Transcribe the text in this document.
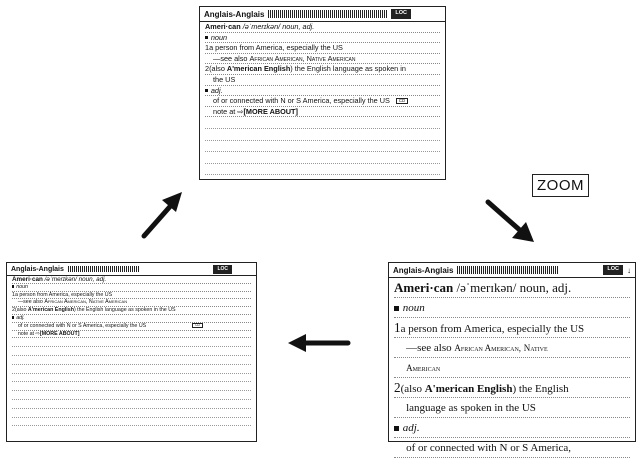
Anglais-Anglais	LOC
Ameri·can /əˈmerɪkən/ noun, adj.
noun
1a person from America, especially the US
—see also African American, Native American
2(also A'merican English) the English language as spoken in
the US
adj.
of or connected with N or S America, especially the US CD
note at ⇨[MORE ABOUT]
Anglais-Anglais	LOC
Ameri·can /əˈmerɪkən/ noun, adj.
noun
1a person from America, especially the US
—see also African American, Native American
2(also A'merican English) the English language as spoken in the US
adj.
of or connected with N or S America, especially the US	CD
note at ⇨[MORE ABOUT]
Anglais-Anglais	LOC	↓
Ameri·can /əˈmerɪkən/ noun, adj.
noun
1a person from America, especially the US
—see also African American, Native
American
2(also A'merican English) the English
language as spoken in the US
adj.
of or connected with N or S America,
ZOOM
